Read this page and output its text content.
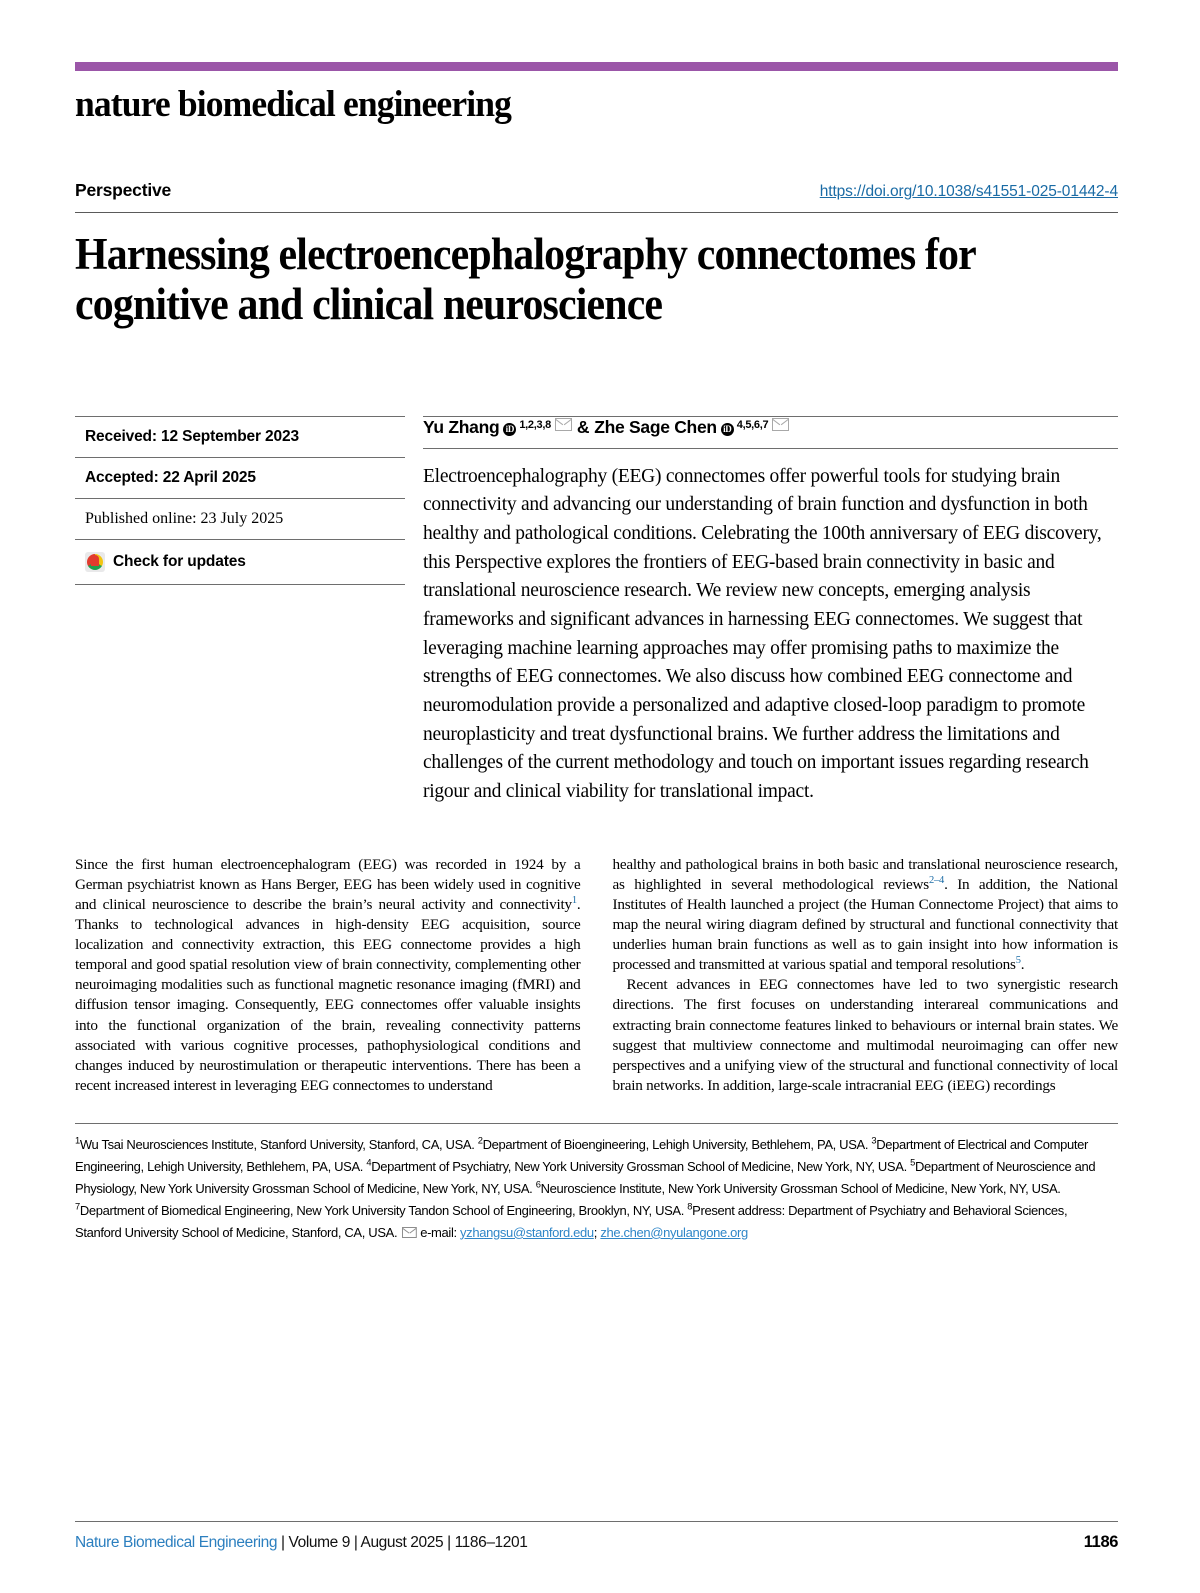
nature biomedical engineering
Perspective	https://doi.org/10.1038/s41551-025-01442-4
Harnessing electroencephalography connectomes for cognitive and clinical neuroscience
Received: 12 September 2023
Accepted: 22 April 2025
Published online: 23 July 2025
Check for updates
Yu Zhang iD 1,2,3,8 & Zhe Sage Chen iD 4,5,6,7
Electroencephalography (EEG) connectomes offer powerful tools for studying brain connectivity and advancing our understanding of brain function and dysfunction in both healthy and pathological conditions. Celebrating the 100th anniversary of EEG discovery, this Perspective explores the frontiers of EEG-based brain connectivity in basic and translational neuroscience research. We review new concepts, emerging analysis frameworks and significant advances in harnessing EEG connectomes. We suggest that leveraging machine learning approaches may offer promising paths to maximize the strengths of EEG connectomes. We also discuss how combined EEG connectome and neuromodulation provide a personalized and adaptive closed-loop paradigm to promote neuroplasticity and treat dysfunctional brains. We further address the limitations and challenges of the current methodology and touch on important issues regarding research rigour and clinical viability for translational impact.

Since the first human electroencephalogram (EEG) was recorded in 1924 by a German psychiatrist known as Hans Berger, EEG has been widely used in cognitive and clinical neuroscience to describe the brain’s neural activity and connectivity$^1$. Thanks to technological advances in high-density EEG acquisition, source localization and connectivity extraction, this EEG connectome provides a high temporal and good spatial resolution view of brain connectivity, complementing other neuroimaging modalities such as functional magnetic resonance imaging (fMRI) and diffusion tensor imaging. Consequently, EEG connectomes offer valuable insights into the functional organization of the brain, revealing connectivity patterns associated with various cognitive processes, pathophysiological conditions and changes induced by neurostimulation or therapeutic interventions. There has been a recent increased interest in leveraging EEG connectomes to understand

healthy and pathological brains in both basic and translational neuroscience research, as highlighted in several methodological reviews$^{2-4}$. In addition, the National Institutes of Health launched a project (the Human Connectome Project) that aims to map the neural wiring diagram defined by structural and functional connectivity that underlies human brain functions as well as to gain insight into how information is processed and transmitted at various spatial and temporal resolutions$^5$.

Recent advances in EEG connectomes have led to two synergistic research directions. The first focuses on understanding interareal communications and extracting brain connectome features linked to behaviours or internal brain states. We suggest that multiview connectome and multimodal neuroimaging can offer new perspectives and a unifying view of the structural and functional connectivity of local brain networks. In addition, large-scale intracranial EEG (iEEG) recordings

$^1$Wu Tsai Neurosciences Institute, Stanford University, Stanford, CA, USA. $^2$Department of Bioengineering, Lehigh University, Bethlehem, PA, USA. $^3$Department of Electrical and Computer Engineering, Lehigh University, Bethlehem, PA, USA. $^4$Department of Psychiatry, New York University Grossman School of Medicine, New York, NY, USA. $^5$Department of Neuroscience and Physiology, New York University Grossman School of Medicine, New York, NY, USA. $^6$Neuroscience Institute, New York University Grossman School of Medicine, New York, NY, USA. $^7$Department of Biomedical Engineering, New York University Tandon School of Engineering, Brooklyn, NY, USA. $^8$Present address: Department of Psychiatry and Behavioral Sciences, Stanford University School of Medicine, Stanford, CA, USA. e-mail: yzhangsu@stanford.edu; zhe.chen@nyulangone.org
Nature Biomedical Engineering | Volume 9 | August 2025 | 1186–1201	1186
